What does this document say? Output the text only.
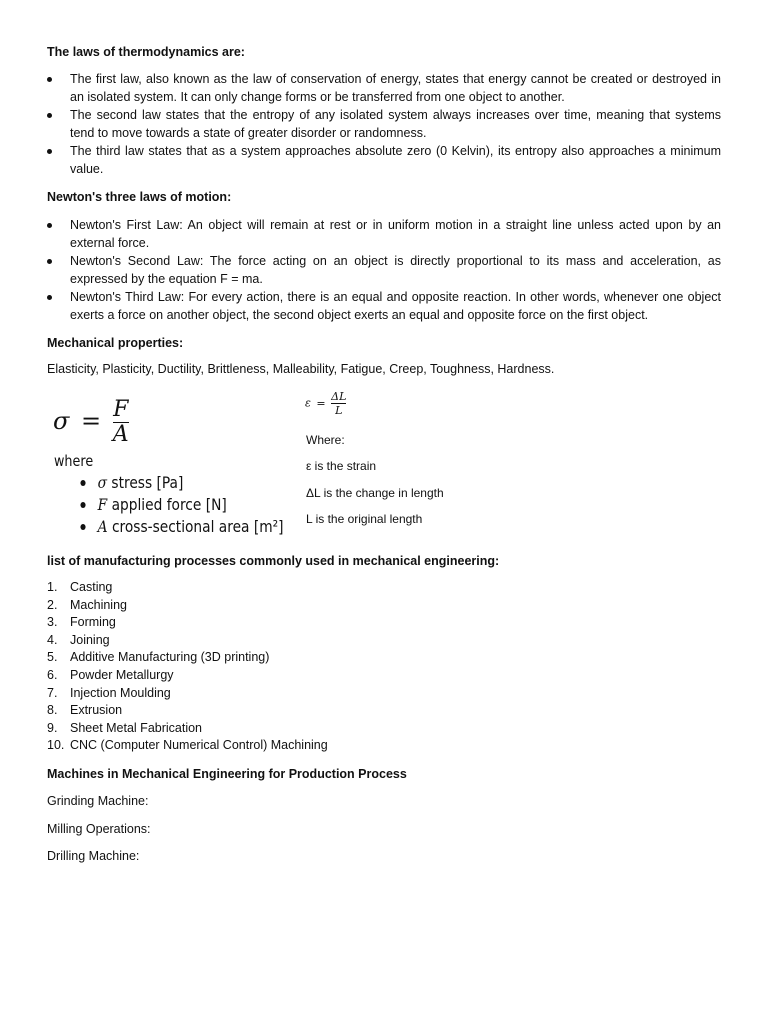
The laws of thermodynamics are:
The first law, also known as the law of conservation of energy, states that energy cannot be created or destroyed in an isolated system. It can only change forms or be transferred from one object to another.
The second law states that the entropy of any isolated system always increases over time, meaning that systems tend to move towards a state of greater disorder or randomness.
The third law states that as a system approaches absolute zero (0 Kelvin), its entropy also approaches a minimum value.
Newton's three laws of motion:
Newton's First Law: An object will remain at rest or in uniform motion in a straight line unless acted upon by an external force.
Newton's Second Law: The force acting on an object is directly proportional to its mass and acceleration, as expressed by the equation F = ma.
Newton's Third Law: For every action, there is an equal and opposite reaction. In other words, whenever one object exerts a force on another object, the second object exerts an equal and opposite force on the first object.
Mechanical properties:
Elasticity, Plasticity, Ductility, Brittleness, Malleability, Fatigue, Creep, Toughness, Hardness.
$\sigma = \frac{F}{A}$
where
σ stress [Pa]
F applied force [N]
A cross-sectional area [m²]
$\varepsilon = \frac{\Delta L}{L}$
Where:
ε is the strain
ΔL is the change in length
L is the original length
list of manufacturing processes commonly used in mechanical engineering:
1.	Casting
2.	Machining
3.	Forming
4.	Joining
5.	Additive Manufacturing (3D printing)
6.	Powder Metallurgy
7.	Injection Moulding
8.	Extrusion
9.	Sheet Metal Fabrication
10. CNC (Computer Numerical Control) Machining
Machines in Mechanical Engineering for Production Process
Grinding Machine:
Milling Operations:
Drilling Machine:
